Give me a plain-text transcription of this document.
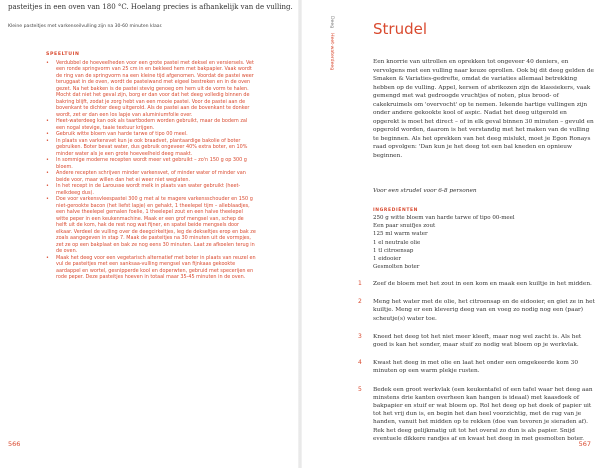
pasteitjes in een oven van 180 °C. Hoelang precies is afhankelijk van de vulling.

Kleine pasteitjes met varkenseilvulling zijn na 30-60 minuten klaar.

SPEELTUIN
• Verdubbel de hoeveelheden voor een grote pastei met deksel en versiersels. Vet een ronde springvorm van 25 cm in en bekleed hem met bakpapier. Vaak wordt de ring van de springvorm na een kleine tijd afgenomen. Voordat de pastei weer teruggaat in de oven, wordt de pasteiwand met eigeel bestreken en in de oven gezet. Na het bakken is de pastei stevig genoeg om hem uit de vorm te halen. Mocht dat niet het geval zijn, borg er dan voor dat het deeg volledig binnen de bakring blijft, zodat je zorg hebt van een mooie pastei. Voor de pastei aan de bovenkant te dichter deeg uitgerold. Als de pastei aan de bovenkant te donker wordt, zet er dan een los lapje van aluminiumfolie over.
• Heet-waterdeeg kan ook als taartbodem worden gebruikt, maar de bodem zal een nogal stevige, taaie textuur krijgen.
• Gebruik witte bloem van harde tarwe of tipo 00 meel.
• In plaats van varkensvet kun je ook braadvet, plantaardige bakolie of boter gebruiken. Boter bevat water, dus gebruik ongeveer 40% extra boter, en 10% minder water als je een grote hoeveelheid deeg maakt.
• In sommige moderne recepten wordt meer vet gebruikt – zo'n 150 g op 300 g bloem.
• Andere recepten schrijven minder varkensvet, of minder water of minder van beide voor, maar willen dan het ei weer niet weglaten.
• In het recept in de Larousse wordt melk in plaats van water gebruikt (heet-melkdeeg dus).
• Doe voor varkensvleespastei 300 g met al te magere varkensschouder en 150 g niet-gerookte bacon (het liefst lapje) en gehakt, 1 theelepel tijm – alleblaadjes, een halve theelepel gemalen foelie, 1 theelepel zout en een halve theelepel witte peper in een keukenmachine. Maak er een grof mengsel van, schep de helft uit de kom, hak de rest nog wat fijner, en spatel beide mengsels door elkaar. Verdeel de vulling over de deegcirkeltjes, leg de dekseltjes erop en bak ze zoals aangegeven in stap 7. Maak de pasteitjes na 30 minuten uit de vormpjes, zet ze op een bakplaat en bak ze nog eens 30 minuten. Laat ze afkoelen terug in de oven.
• Maak het deeg voor een vegetarisch alternatief met boter in plaats van reuzel en vul de pasteitjes met een sanksaa-vulling mengsel van fijnkaas gekookte aardappel en wortel, gesnipperde kool en doperwten, gebruid met specerijen en rode peper. Deze pasteitjes hoeven in totaal maar 35-45 minuten in de oven.
566
Deeg
Heet-waterdeeg
Strudel

Een knorrie van uitrollen en oprekken tot ongeveer 40 deniers, en vervolgens met een vulling naar keuze oprollen. Ook bij dit deeg gelden de Smaken & Variaties-gedrefte, omdat de variaties allemaal betrekking hebben op de vulling. Appel, kersen of abrikozen zijn de klassiekers, vaak gemengd met wat gedroogde vruchtjes of noten, plus brood- of cakekruimels om 'overvocht' op te nemen. Iekende hartige vullingen zijn onder andere gekookte kool of aspic. Nadat het deeg uitgerold en opgerekt is moet het direct – of in elk geval binnen 30 minuten – gevuld en opgerold worden, daarom is het verstandig met het maken van de vulling te beginnen. Als het oprekken van het deeg mislukt, moet je Egon Ronays raad opvolgen: 'Dan kun je het deeg tot een bal kneden en opnieuw beginnen.

Voor een strudel voor 6-8 personen

INGREDIËNTEN
250 g witte bloem van harde tarwe of tipo 00-meel
Een paar snuifjes zout
125 ml warm water
1 el neutrale olie
1 tl citroensap
1 eidooier
Gesmolten boter
1 Zeef de bloem met het zout in een kom en maak een kuiltje in het midden.
2 Meng het water met de olie, het citroensap en de eidooier, en giet ze in het kuiltje. Meng er een kleverig deeg van en voeg zo nodig nog een (paar) scheutje(s) water toe.
3 Kneed het deeg tot het niet meer kleeft, maar nog wel zacht is. Als het goed is kan het sonder, maar stuif zo nodig wat bloem op je werkvlak.
4 Kwast het deeg in met olie en laat het onder een omgekeerde kom 30 minuten op een warm plekje rusten.
5 Bedek een groot werkvlak (een keukentafel of een tafel waar het deeg aan minstens drie kanten overheen kan hangen is ideaal) met kaasdoek of bakpapier en stuif er wat bloem op. Rol het deeg op het doek of papier uit tot het vrij dun is, en begin het dan heel voorzichtig, met de rug van je handen, vanuit het midden op te rekken (doe van tevoren je sieraden af). Rek het deeg gelijkmatig uit tot het overal zo dun is als papier. Snijd eventuele dikkere randjes af en kwast het deeg in met gesmolten boter.
567
